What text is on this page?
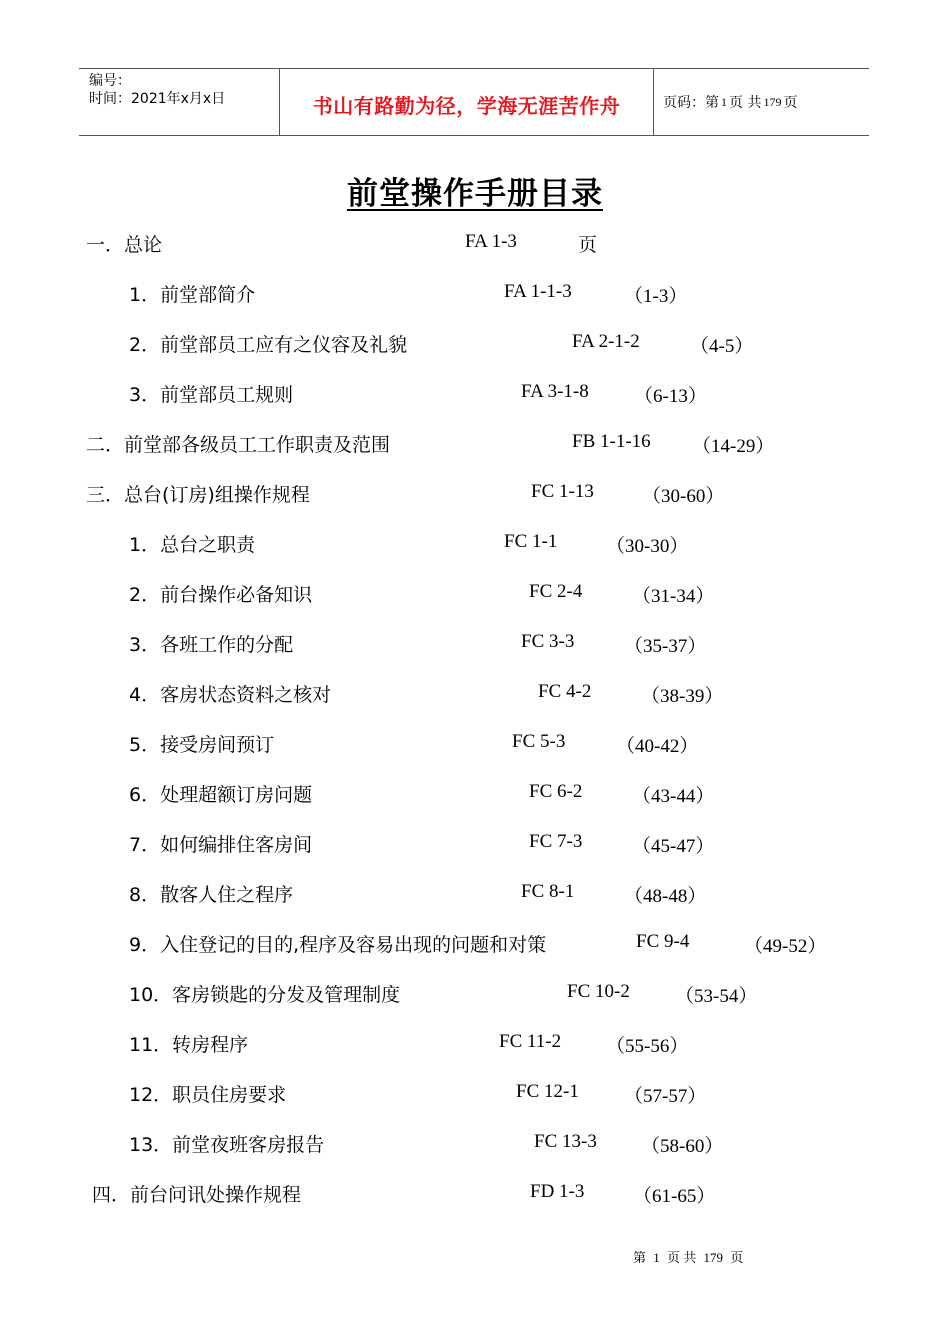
编号：
时间：2021年x月x日	书山有路勤为径，学海无涯苦作舟	页码：第 1 页 共 179 页
前堂操作手册目录
一．总论	FA 1-3	页
1．前堂部简介	FA 1-1-3	（1-3）
2．前堂部员工应有之仪容及礼貌	FA 2-1-2	（4-5）
3．前堂部员工规则	FA 3-1-8 （6-13）
二．前堂部各级员工工作职责及范围	FB 1-1-16 （14-29）
三．总台(订房)组操作规程	FC 1-13	（30-60）
1．总台之职责	FC 1-1	（30-30）
2．前台操作必备知识	FC 2-4	（31-34）
3．各班工作的分配	FC 3-3	（35-37）
4．客房状态资料之核对	FC 4-2	（38-39）
5．接受房间预订	FC 5-3	（40-42）
6．处理超额订房问题	FC 6-2	（43-44）
7．如何编排住客房间	FC 7-3	（45-47）
8．散客人住之程序	FC 8-1	（48-48）
9．入住登记的目的,程序及容易出现的问题和对策	FC 9-4	（49-52）
10．客房锁匙的分发及管理制度	FC 10-2 （53-54）
11．转房程序	FC 11-2 （55-56）
12．职员住房要求	FC 12-1 （57-57）
13．前堂夜班客房报告	FC 13-3 （58-60）
四．前台问讯处操作规程	FD 1-3	（61-65）
第 1 页 共 179 页
